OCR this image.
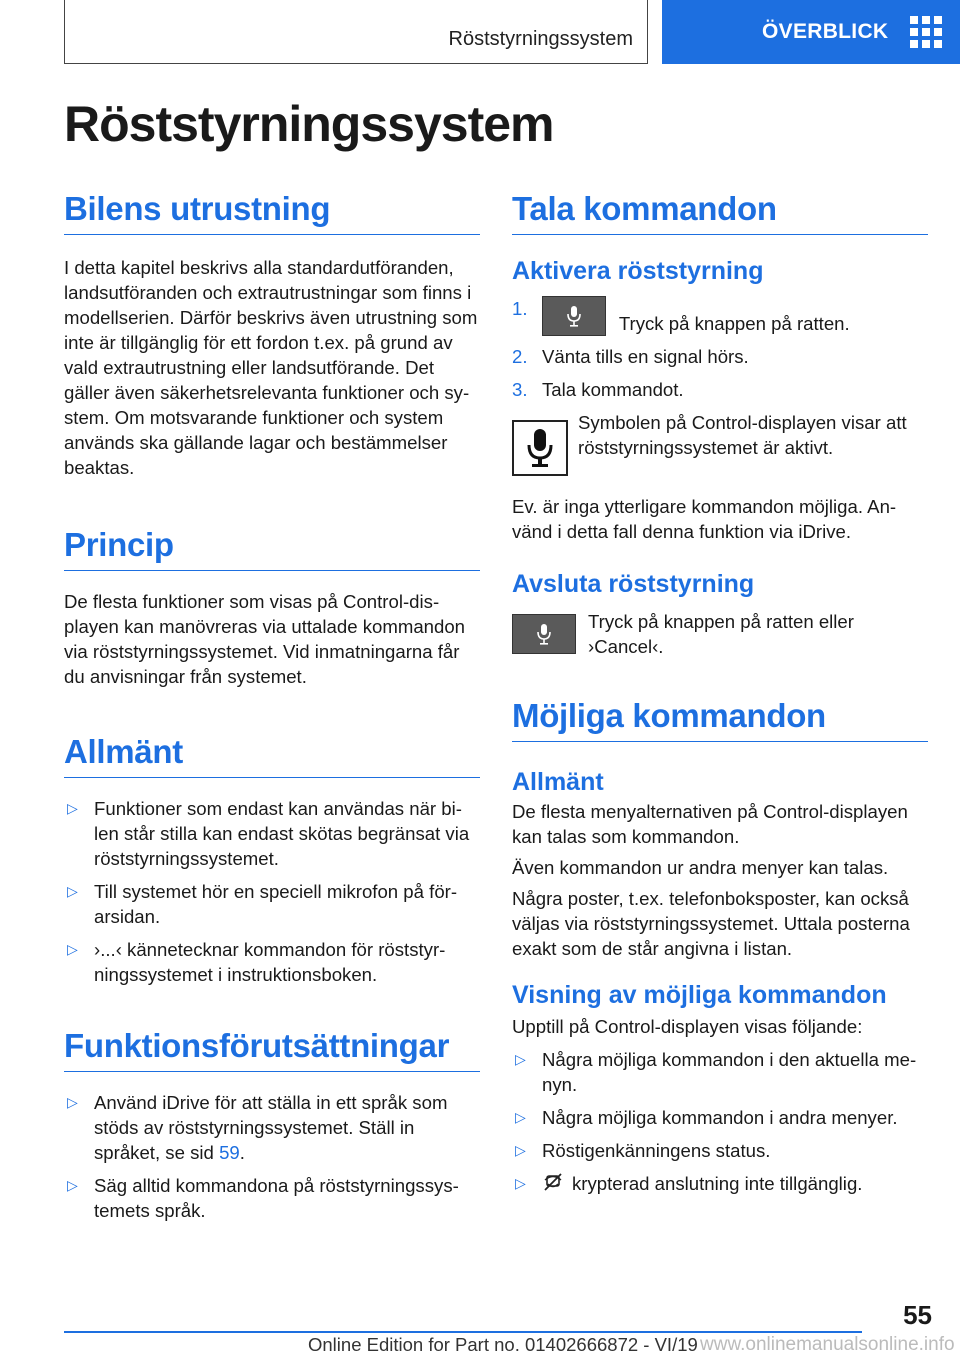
Röststyrningssystem	ÖVERBLICK
Röststyrningssystem
Bilens utrustning

I detta kapitel beskrivs alla standardutföranden, landsutföranden och extrautrustningar som finns i modellserien. Därför beskrivs även utrustning som inte är tillgänglig för ett fordon t.ex. på grund av vald extrautrustning eller landsutförande. Det gäller även säkerhetsrelevanta funktioner och system. Om motsvarande funktioner och system används ska gällande lagar och bestämmelser beaktas.

Princip

De flesta funktioner som visas på Control-displayen kan manövreras via uttalade kommandon via röststyrningssystemet. Vid inmatningarna får du anvisningar från systemet.

Allmänt
▷ Funktioner som endast kan användas när bilen står stilla kan endast skötas begränsat via röststyrningssystemet.
▷ Till systemet hör en speciell mikrofon på förarsidan.
▷ ›...‹ kännetecknar kommandon för röststyrningssystemet i instruktionsboken.
Funktionsförutsättningar
▷ Använd iDrive för att ställa in ett språk som stöds av röststyrningssystemet. Ställ in språket, se sid 59.
▷ Säg alltid kommandona på röststyrningssystemets språk.
Tala kommandon
Aktivera röststyrning
1.
Tryck på knappen på ratten.
2. Vänta tills en signal hörs.
3. Tala kommandot.

Symbolen på Control-displayen visar att röststyrningssystemet är aktivt.

Ev. är inga ytterligare kommandon möjliga. Använd i detta fall denna funktion via iDrive.

Avsluta röststyrning

Tryck på knappen på ratten eller ›Cancel‹.

Möjliga kommandon
Allmänt

De flesta menyalternativen på Control-displayen kan talas som kommandon.

Även kommandon ur andra menyer kan talas.

Några poster, t.ex. telefonboksposter, kan också väljas via röststyrningssystemet. Uttala posterna exakt som de står angivna i listan.

Visning av möjliga kommandon

Upptill på Control-displayen visas följande:

▷ Några möjliga kommandon i den aktuella menyn.
▷ Några möjliga kommandon i andra menyer.
▷ Röstigenkänningens status.
▷ krypterad anslutning inte tillgänglig.
55
Online Edition for Part no. 01402666872 - VI/19 www.onlinemanualsonline.info
